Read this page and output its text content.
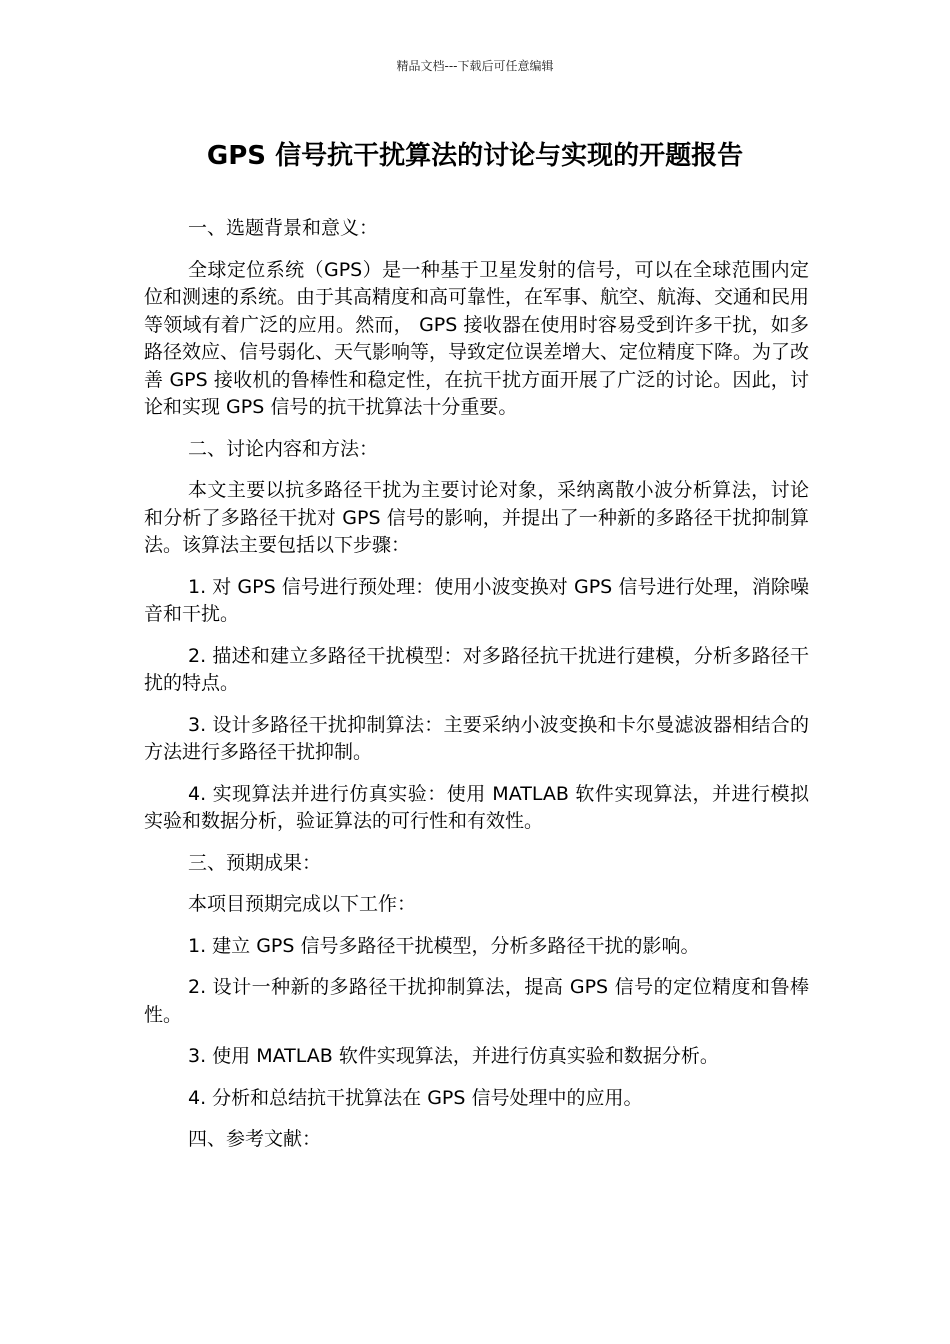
精品文档---下载后可任意编辑
GPS 信号抗干扰算法的讨论与实现的开题报告

一、选题背景和意义：

全球定位系统（GPS）是一种基于卫星发射的信号，可以在全球范围内定位和测速的系统。由于其高精度和高可靠性，在军事、航空、航海、交通和民用等领域有着广泛的应用。然而， GPS 接收器在使用时容易受到许多干扰，如多路径效应、信号弱化、天气影响等，导致定位误差增大、定位精度下降。为了改善 GPS 接收机的鲁棒性和稳定性，在抗干扰方面开展了广泛的讨论。因此，讨论和实现 GPS 信号的抗干扰算法十分重要。

二、讨论内容和方法：

本文主要以抗多路径干扰为主要讨论对象，采纳离散小波分析算法，讨论和分析了多路径干扰对 GPS 信号的影响，并提出了一种新的多路径干扰抑制算法。该算法主要包括以下步骤：

1. 对 GPS 信号进行预处理：使用小波变换对 GPS 信号进行处理，消除噪音和干扰。

2. 描述和建立多路径干扰模型：对多路径抗干扰进行建模，分析多路径干扰的特点。

3. 设计多路径干扰抑制算法：主要采纳小波变换和卡尔曼滤波器相结合的方法进行多路径干扰抑制。

4. 实现算法并进行仿真实验：使用 MATLAB 软件实现算法，并进行模拟实验和数据分析，验证算法的可行性和有效性。

三、预期成果：

本项目预期完成以下工作：

1. 建立 GPS 信号多路径干扰模型，分析多路径干扰的影响。

2. 设计一种新的多路径干扰抑制算法，提高 GPS 信号的定位精度和鲁棒性。

3. 使用 MATLAB 软件实现算法，并进行仿真实验和数据分析。

4. 分析和总结抗干扰算法在 GPS 信号处理中的应用。

四、参考文献：
